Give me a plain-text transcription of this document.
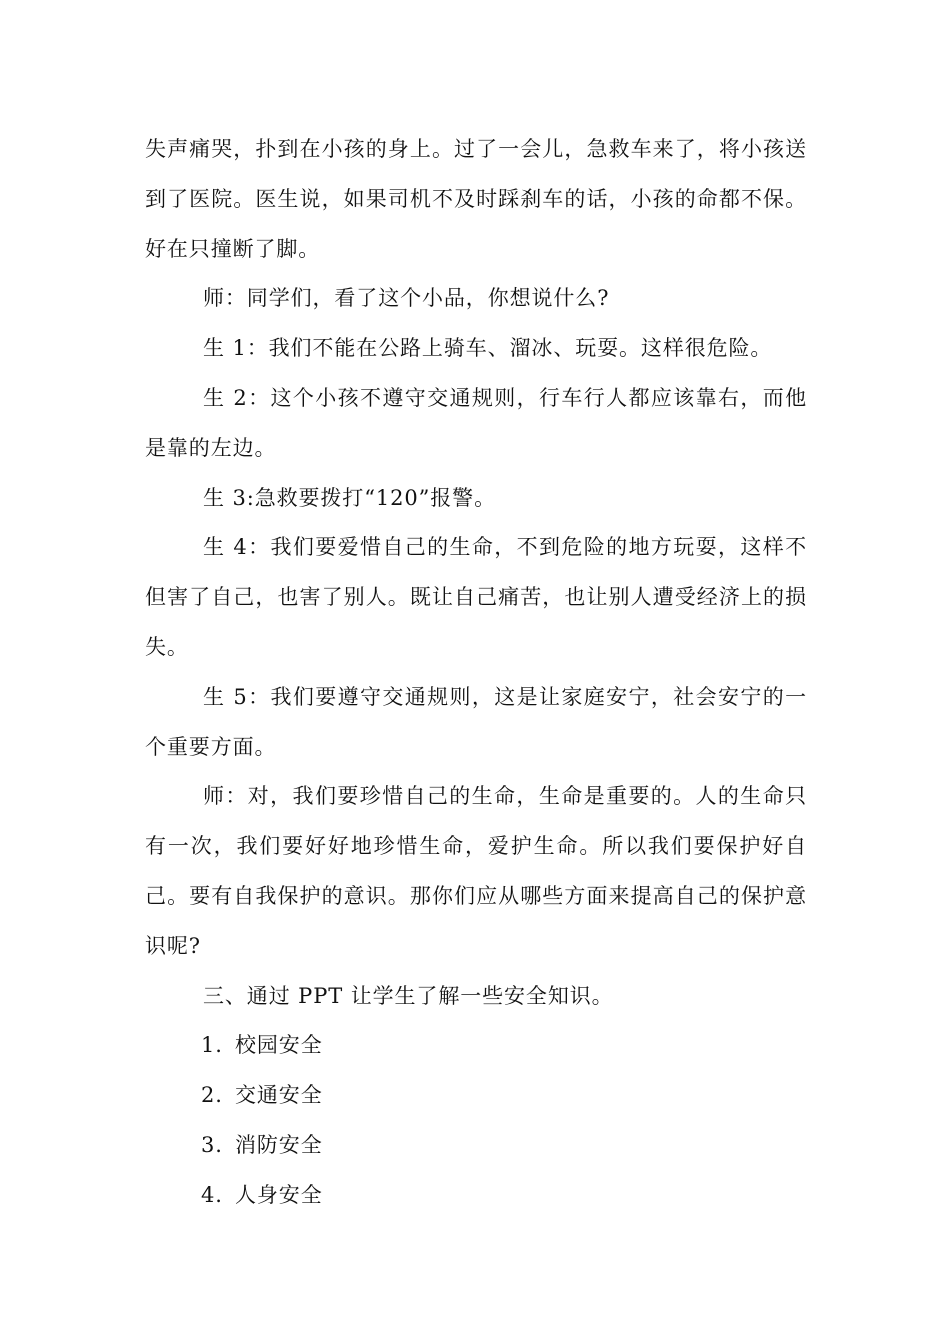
失声痛哭，扑到在小孩的身上。过了一会儿，急救车来了，将小孩送到了医院。医生说，如果司机不及时踩刹车的话，小孩的命都不保。好在只撞断了脚。

师：同学们，看了这个小品，你想说什么?

生 1：我们不能在公路上骑车、溜冰、玩耍。这样很危险。

生 2：这个小孩不遵守交通规则，行车行人都应该靠右，而他是靠的左边。

生 3:急救要拨打“120”报警。

生 4：我们要爱惜自己的生命，不到危险的地方玩耍，这样不但害了自己，也害了别人。既让自己痛苦，也让别人遭受经济上的损失。

生 5：我们要遵守交通规则，这是让家庭安宁，社会安宁的一个重要方面。

师：对，我们要珍惜自己的生命，生命是重要的。人的生命只有一次，我们要好好地珍惜生命，爱护生命。所以我们要保护好自己。要有自我保护的意识。那你们应从哪些方面来提高自己的保护意识呢?

三、通过 PPT 让学生了解一些安全知识。

1. 校园安全
2. 交通安全
3. 消防安全
4. 人身安全
